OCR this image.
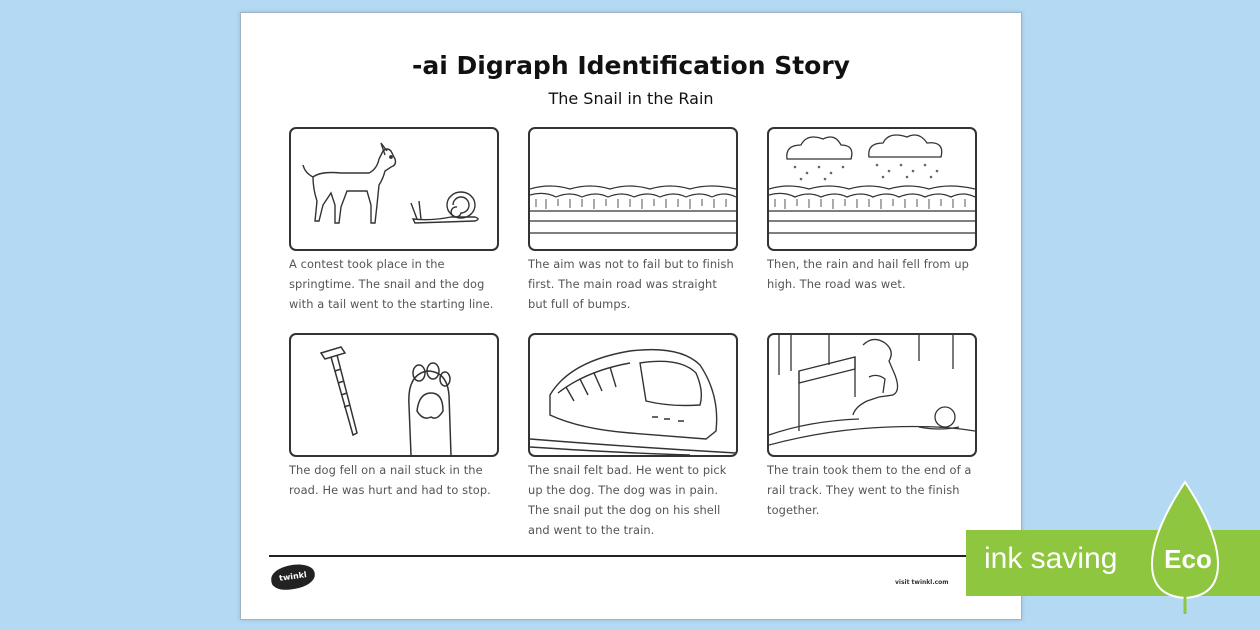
-ai Digraph Identification Story
The Snail in the Rain
A contest took place in the springtime. The snail and the dog with a tail went to the starting line.
The aim was not to fail but to finish first. The main road was straight but full of bumps.
Then, the rain and hail fell from up high. The road was wet.
The dog fell on a nail stuck in the road. He was hurt and had to stop.
The snail felt bad. He went to pick up the dog. The dog was in pain. The snail put the dog on his shell and went to the train.
The train took them to the end of a rail track. They went to the finish together.
twinkl	visit twinkl.com
ink saving Eco
